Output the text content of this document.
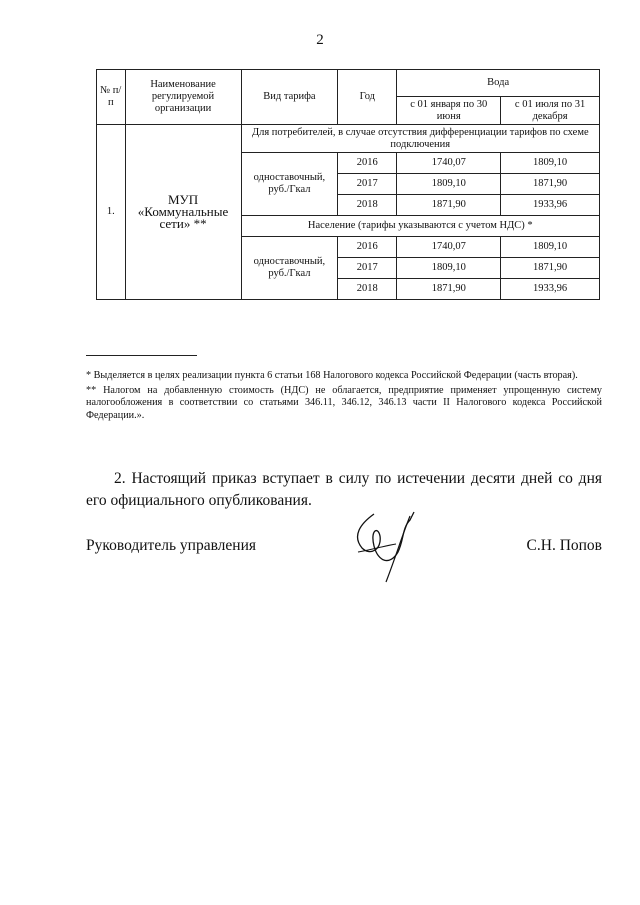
2
№ п/п	Наименование регулируемой организации	Вид тарифа	Год	Вода	
				с 01 января по 30 июня	с 01 июля по 31 декабря
1.	МУП «Коммунальные сети» **	Для потребителей, в случае отсутствия дифференциации тарифов по схеме подключения			
		одноставочный, руб./Гкал	2016	1740,07	1809,10
			2017	1809,10	1871,90
			2018	1871,90	1933,96
		Население (тарифы указываются с учетом НДС) *			
		одноставочный, руб./Гкал	2016	1740,07	1809,10
			2017	1809,10	1871,90
			2018	1871,90	1933,96

* Выделяется в целях реализации пункта 6 статьи 168 Налогового кодекса Российской Федерации (часть вторая).

** Налогом на добавленную стоимость (НДС) не облагается, предприятие применяет упрощенную систему налогообложения в соответствии со статьями 346.11, 346.12, 346.13 части II Налогового кодекса Российской Федерации.».

2. Настоящий приказ вступает в силу по истечении десяти дней со дня его официального опубликования.

Руководитель управления	С.Н. Попов
